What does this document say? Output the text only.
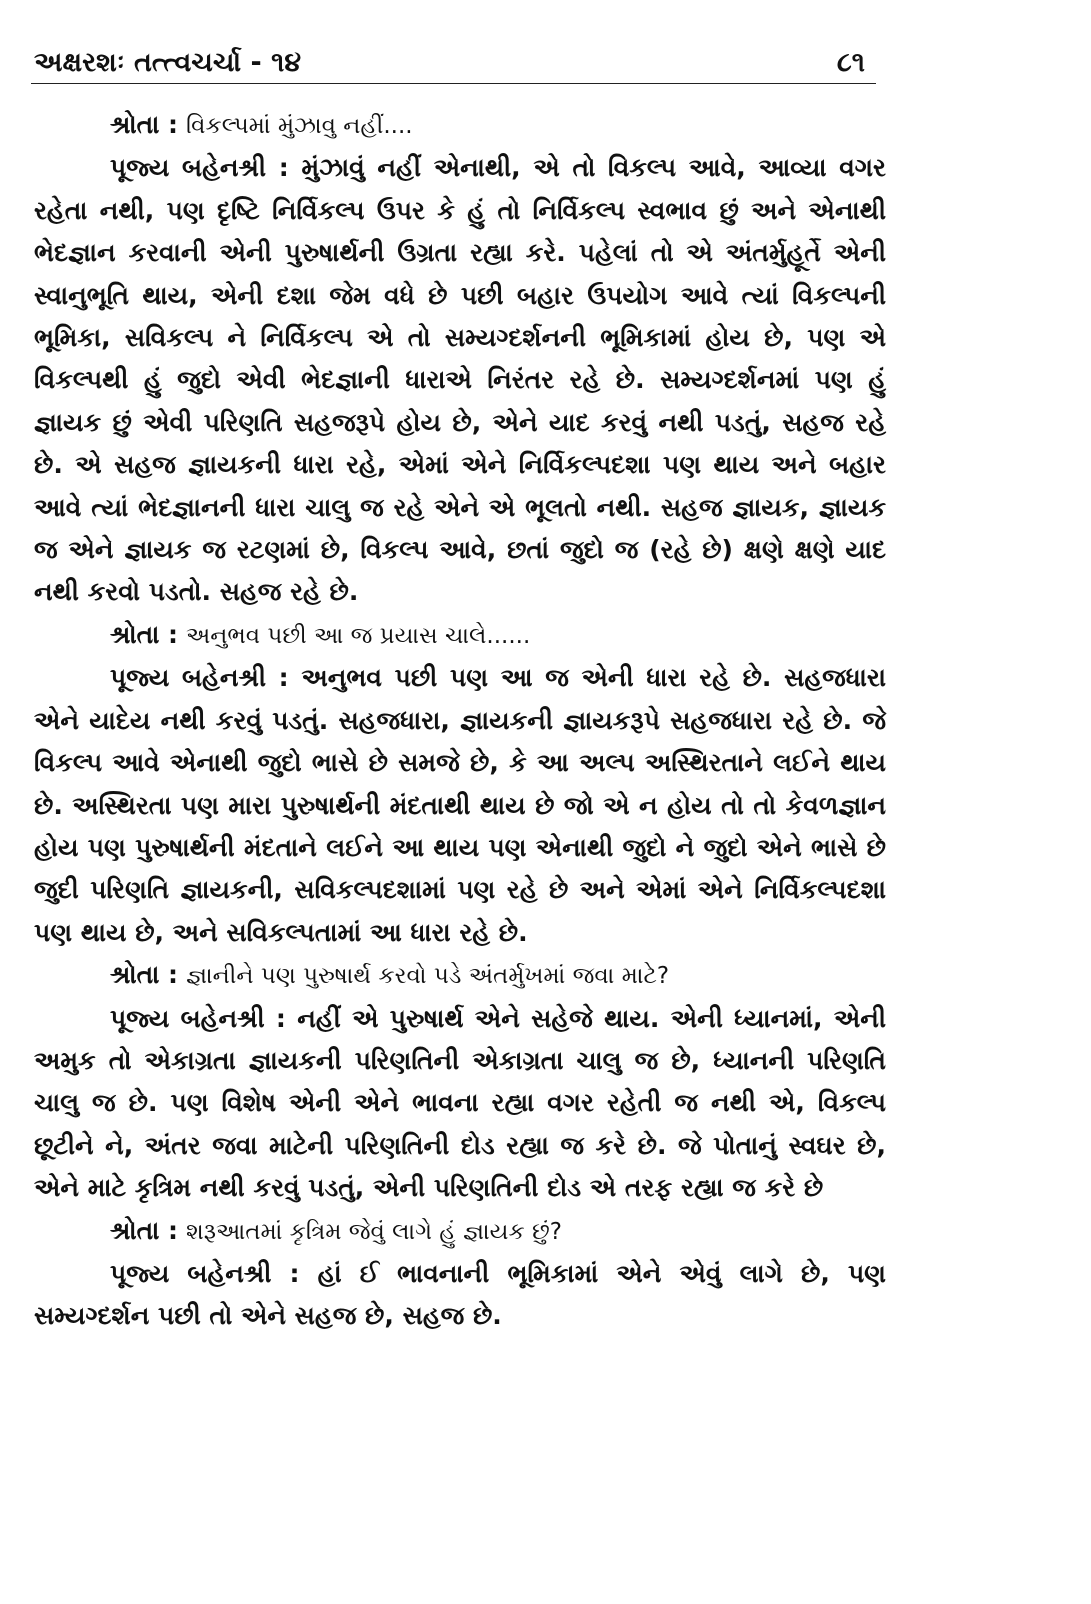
અક્ષરશઃ તત્ત્વચર્ચા - ૧૪	૮૧

શ્રોતા : વિકલ્પમાં મુંઝાવુ નહીં....

પૂજ્ય બહેનશ્રી : મુંઝાવું નહીં એનાથી, એ તો વિકલ્પ આવે, આવ્યા વગર રહેતા નથી, પણ દૃષ્ટિ નિર્વિકલ્પ ઉપર કે હું તો નિર્વિકલ્પ સ્વભાવ છું અને એનાથી ભેદજ્ઞાન કરવાની એની પુરુષાર્થની ઉગ્રતા રહ્યા કરે. પહેલાં તો એ અંતર્મુહૂર્તે એની સ્વાનુભૂતિ થાય, એની દશા જેમ વધે છે પછી બહાર ઉપયોગ આવે ત્યાં વિકલ્પની ભૂમિકા, સવિકલ્પ ને નિર્વિકલ્પ એ તો સમ્યગ્દર્શનની ભૂમિકામાં હોય છે, પણ એ વિકલ્પથી હું જુદો એવી ભેદજ્ઞાની ધારાએ નિરંતર રહે છે. સમ્યગ્દર્શનમાં પણ હું જ્ઞાયક છું એવી પરિણતિ સહજરૂપે હોય છે, એને યાદ કરવું નથી પડતું, સહજ રહે છે. એ સહજ જ્ઞાયકની ધારા રહે, એમાં એને નિર્વિકલ્પદશા પણ થાય અને બહાર આવે ત્યાં ભેદજ્ઞાનની ધારા ચાલુ જ રહે એને એ ભૂલતો નથી. સહજ જ્ઞાયક, જ્ઞાયક જ એને જ્ઞાયક જ રટણમાં છે, વિકલ્પ આવે, છતાં જુદો જ (રહે છે) ક્ષણે ક્ષણે યાદ નથી કરવો પડતો. સહજ રહે છે.

શ્રોતા : અનુભવ પછી આ જ પ્રયાસ ચાલે......

પૂજ્ય બહેનશ્રી : અનુભવ પછી પણ આ જ એની ધારા રહે છે. સહજધારા એને યાદેય નથી કરવું પડતું. સહજધારા, જ્ઞાયકની જ્ઞાયકરૂપે સહજધારા રહે છે. જે વિકલ્પ આવે એનાથી જુદો ભાસે છે સમજે છે, કે આ અલ્પ અસ્થિરતાને લઈને થાય છે. અસ્થિરતા પણ મારા પુરુષાર્થની મંદતાથી થાય છે જો એ ન હોય તો તો કેવળજ્ઞાન હોય પણ પુરુષાર્થની મંદતાને લઈને આ થાય પણ એનાથી જુદો ને જુદો એને ભાસે છે જુદી પરિણતિ જ્ઞાયકની, સવિકલ્પદશામાં પણ રહે છે અને એમાં એને નિર્વિકલ્પદશા પણ થાય છે, અને સવિકલ્પતામાં આ ધારા રહે છે.

શ્રોતા : જ્ઞાનીને પણ પુરુષાર્થ કરવો પડે અંતર્મુખમાં જવા માટે?

પૂજ્ય બહેનશ્રી : નહીં એ પુરુષાર્થ એને સહેજે થાય. એની ધ્યાનમાં, એની અમુક તો એકાગ્રતા જ્ઞાયકની પરિણતિની એકાગ્રતા ચાલુ જ છે, ધ્યાનની પરિણતિ ચાલુ જ છે. પણ વિશેષ એની એને ભાવના રહ્યા વગર રહેતી જ નથી એ, વિકલ્પ છૂટીને ને, અંતર જવા માટેની પરિણતિની દોડ રહ્યા જ કરે છે. જે પોતાનું સ્વઘર છે, એને માટે કૃત્રિમ નથી કરવું પડતું, એની પરિણતિની દોડ એ તરફ રહ્યા જ કરે છે

શ્રોતા : શરૂઆતમાં કૃત્રિમ જેવું લાગે હું જ્ઞાયક છું?

પૂજ્ય બહેનશ્રી : હાં ઈ ભાવનાની ભૂમિકામાં એને એવું લાગે છે, પણ સમ્યગ્દર્શન પછી તો એને સહજ છે, સહજ છે.
